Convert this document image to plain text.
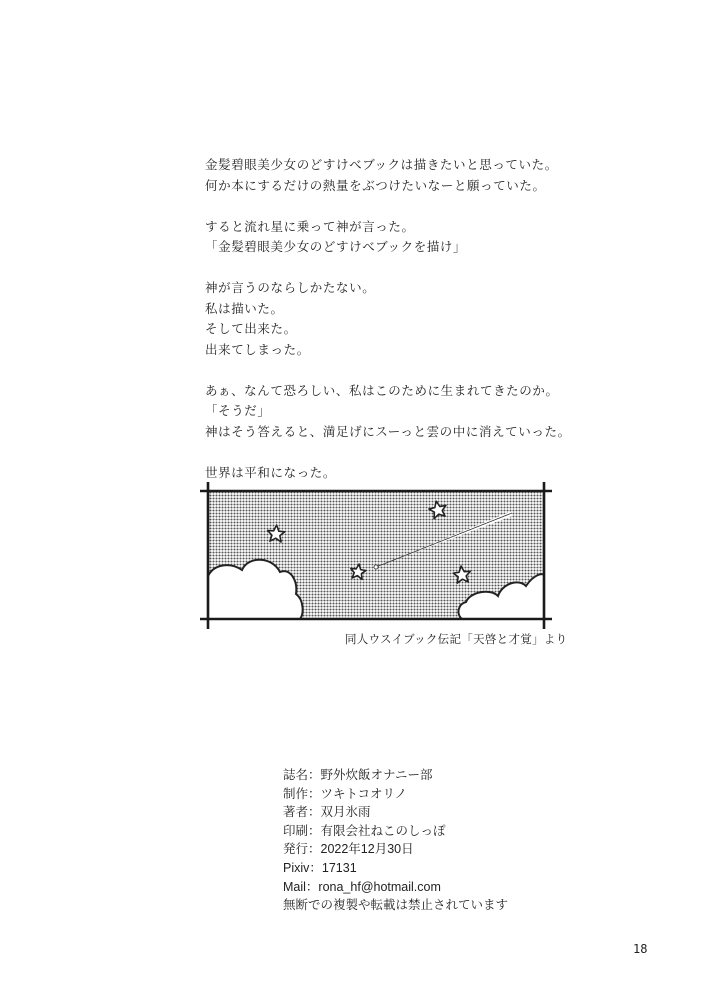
金髪碧眼美少女のどすけべブックは描きたいと思っていた。
何か本にするだけの熱量をぶつけたいなーと願っていた。
すると流れ星に乗って神が言った。
「金髪碧眼美少女のどすけべブックを描け」
神が言うのならしかたない。
私は描いた。
そして出来た。
出来てしまった。
あぁ、なんて恐ろしい、私はこのために生まれてきたのか。
「そうだ」
神はそう答えると、満足げにスーっと雲の中に消えていった。
世界は平和になった。
同人ウスイブック伝記「天啓と才覚」より
誌名：野外炊飯オナニー部
制作：ツキトコオリノ
著者：双月氷雨
印刷：有限会社ねこのしっぽ
発行：2022年12月30日
Pixiv：17131
Mail：rona_hf@hotmail.com
無断での複製や転載は禁止されています
18
